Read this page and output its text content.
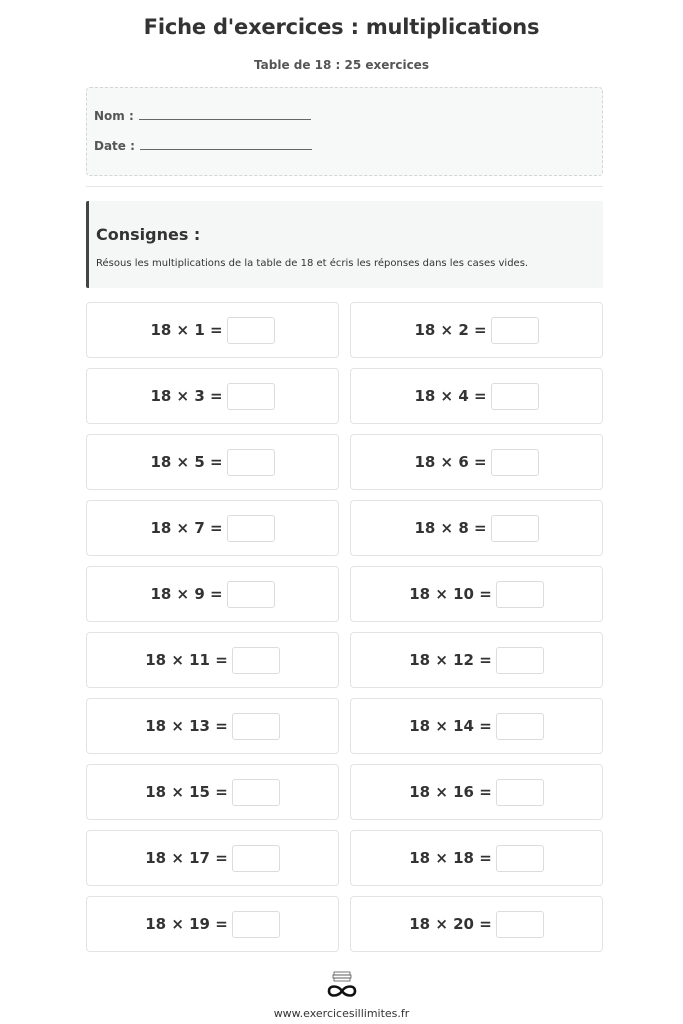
Fiche d'exercices : multiplications
Table de 18 : 25 exercices
Nom :
Date :
Consignes :
Résous les multiplications de la table de 18 et écris les réponses dans les cases vides.
18 × 1 =	18 × 2 =
18 × 3 =	18 × 4 =
18 × 5 =	18 × 6 =
18 × 7 =	18 × 8 =
18 × 9 =	18 × 10 =
18 × 11 =	18 × 12 =
18 × 13 =	18 × 14 =
18 × 15 =	18 × 16 =
18 × 17 =	18 × 18 =
18 × 19 =	18 × 20 =
www.exercicesillimites.fr
